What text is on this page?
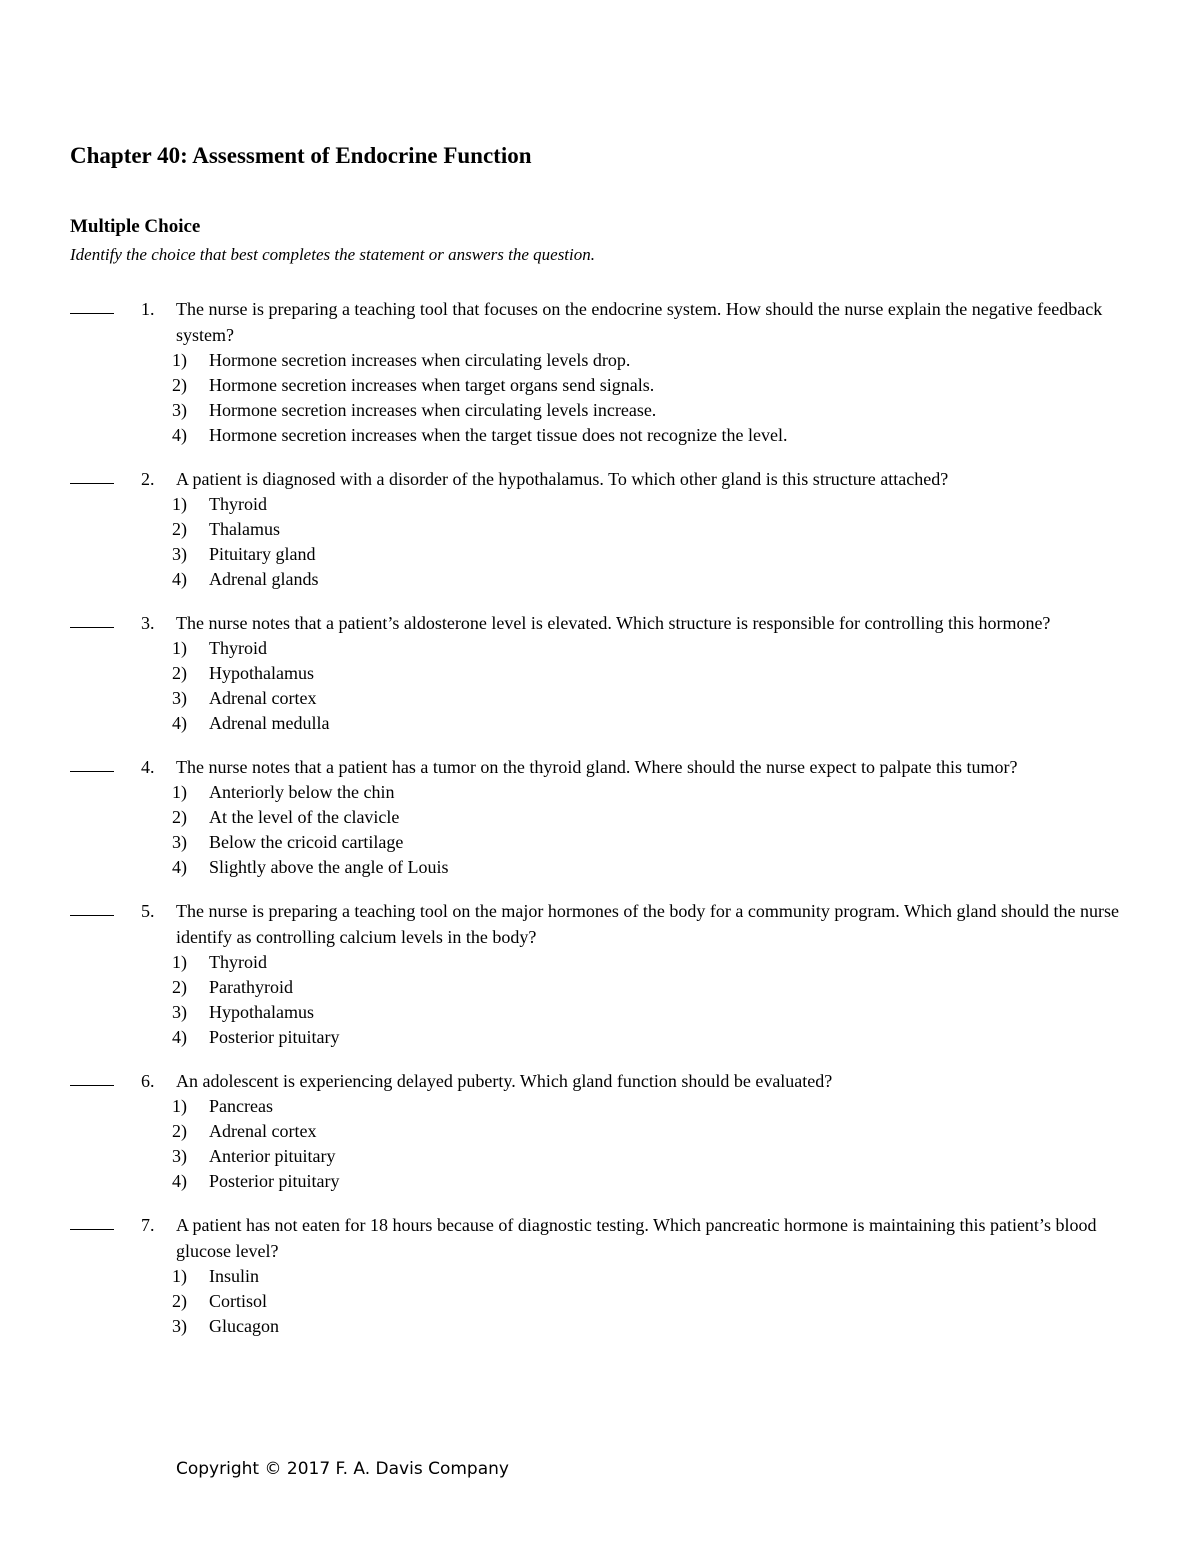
Chapter 40: Assessment of Endocrine Function
Multiple Choice

Identify the choice that best completes the statement or answers the question.

1.	The nurse is preparing a teaching tool that focuses on the endocrine system. How should the nurse explain the negative feedback system?
1)	Hormone secretion increases when circulating levels drop.
2)	Hormone secretion increases when target organs send signals.
3)	Hormone secretion increases when circulating levels increase.
4)	Hormone secretion increases when the target tissue does not recognize the level.
2.	A patient is diagnosed with a disorder of the hypothalamus. To which other gland is this structure attached?
1)	Thyroid
2)	Thalamus
3)	Pituitary gland
4)	Adrenal glands
3.	The nurse notes that a patient’s aldosterone level is elevated. Which structure is responsible for controlling this hormone?
1)	Thyroid
2)	Hypothalamus
3)	Adrenal cortex
4)	Adrenal medulla
4.	The nurse notes that a patient has a tumor on the thyroid gland. Where should the nurse expect to palpate this tumor?
1)	Anteriorly below the chin
2)	At the level of the clavicle
3)	Below the cricoid cartilage
4)	Slightly above the angle of Louis
5.	The nurse is preparing a teaching tool on the major hormones of the body for a community program. Which gland should the nurse identify as controlling calcium levels in the body?
1)	Thyroid
2)	Parathyroid
3)	Hypothalamus
4)	Posterior pituitary
6.	An adolescent is experiencing delayed puberty. Which gland function should be evaluated?
1)	Pancreas
2)	Adrenal cortex
3)	Anterior pituitary
4)	Posterior pituitary
7.	A patient has not eaten for 18 hours because of diagnostic testing. Which pancreatic hormone is maintaining this patient’s blood glucose level?
1)	Insulin
2)	Cortisol
3)	Glucagon

Copyright © 2017 F. A. Davis Company
